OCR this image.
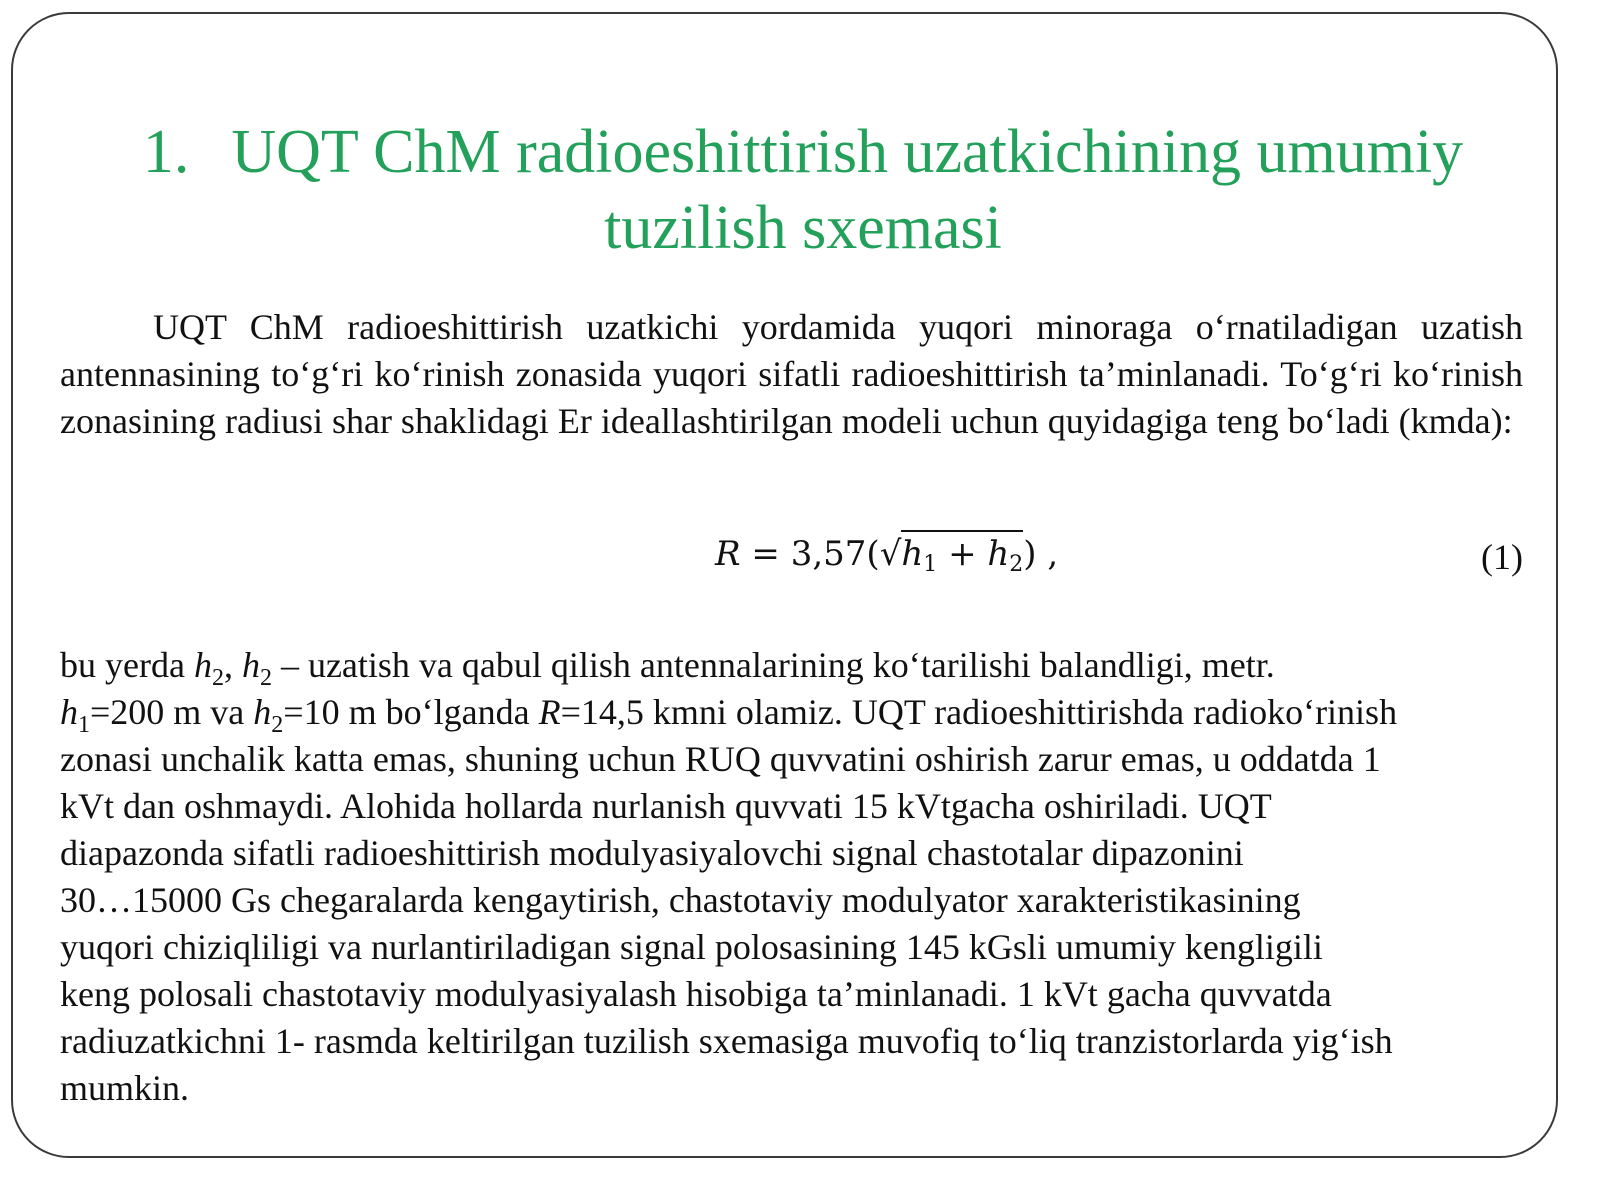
1. UQT ChM radioeshittirish uzatkichining umumiy
tuzilish sxemasi

UQT ChM radioeshittirish uzatkichi yordamida yuqori minoraga o‘rnatiladigan uzatish antennasining to‘g‘ri ko‘rinish zonasida yuqori sifatli radioeshittirish ta’minlanadi. To‘g‘ri ko‘rinish zonasining radiusi shar shaklidagi Er ideallashtirilgan modeli uchun quyidagiga teng bo‘ladi (kmda):

$R = 3,57(√h_1 + h_2)$ ,	(1)

bu yerda $h_2$, $h_2$ – uzatish va qabul qilish antennalarining ko‘tarilishi balandligi, metr.
$h_1=200$ m va $h_2=10$ m bo‘lganda R=14,5 kmni olamiz. UQT radioeshittirishda radioko‘rinish
zonasi unchalik katta emas, shuning uchun RUQ quvvatini oshirish zarur emas, u oddatda 1
kVt dan oshmaydi. Alohida hollarda nurlanish quvvati 15 kVtgacha oshiriladi. UQT
diapazonda sifatli radioeshittirish modulyasiyalovchi signal chastotalar dipazonini
30…15000 Gs chegaralarda kengaytirish, chastotaviy modulyator xarakteristikasining
yuqori chiziqliligi va nurlantiriladigan signal polosasining 145 kGsli umumiy kengligili
keng polosali chastotaviy modulyasiyalash hisobiga ta’minlanadi. 1 kVt gacha quvvatda
radiuzatkichni 1- rasmda keltirilgan tuzilish sxemasiga muvofiq to‘liq tranzistorlarda yig‘ish
mumkin.
